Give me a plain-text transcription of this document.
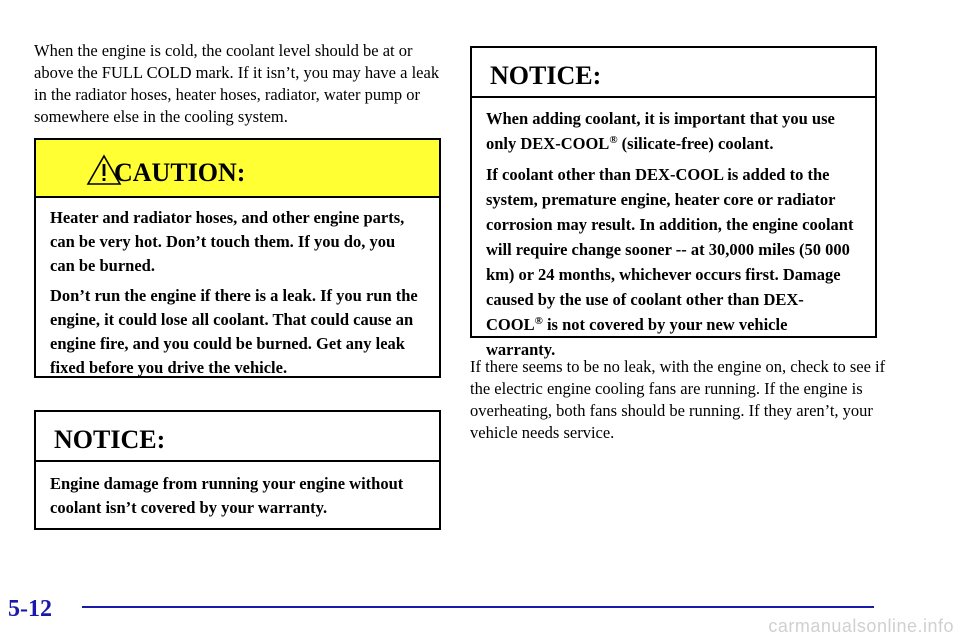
When the engine is cold, the coolant level should be at or above the FULL COLD mark. If it isn’t, you may have a leak in the radiator hoses, heater hoses, radiator, water pump or somewhere else in the cooling system.

CAUTION:

Heater and radiator hoses, and other engine parts, can be very hot. Don’t touch them. If you do, you can be burned.

Don’t run the engine if there is a leak. If you run the engine, it could lose all coolant. That could cause an engine fire, and you could be burned. Get any leak fixed before you drive the vehicle.

NOTICE:

Engine damage from running your engine without coolant isn’t covered by your warranty.

NOTICE:

When adding coolant, it is important that you use only DEX-COOL® (silicate-free) coolant.

If coolant other than DEX-COOL is added to the system, premature engine, heater core or radiator corrosion may result. In addition, the engine coolant will require change sooner -- at 30,000 miles (50 000 km) or 24 months, whichever occurs first. Damage caused by the use of coolant other than DEX-COOL® is not covered by your new vehicle warranty.

If there seems to be no leak, with the engine on, check to see if the electric engine cooling fans are running. If the engine is overheating, both fans should be running. If they aren’t, your vehicle needs service.

5-12
carmanualsonline.info
